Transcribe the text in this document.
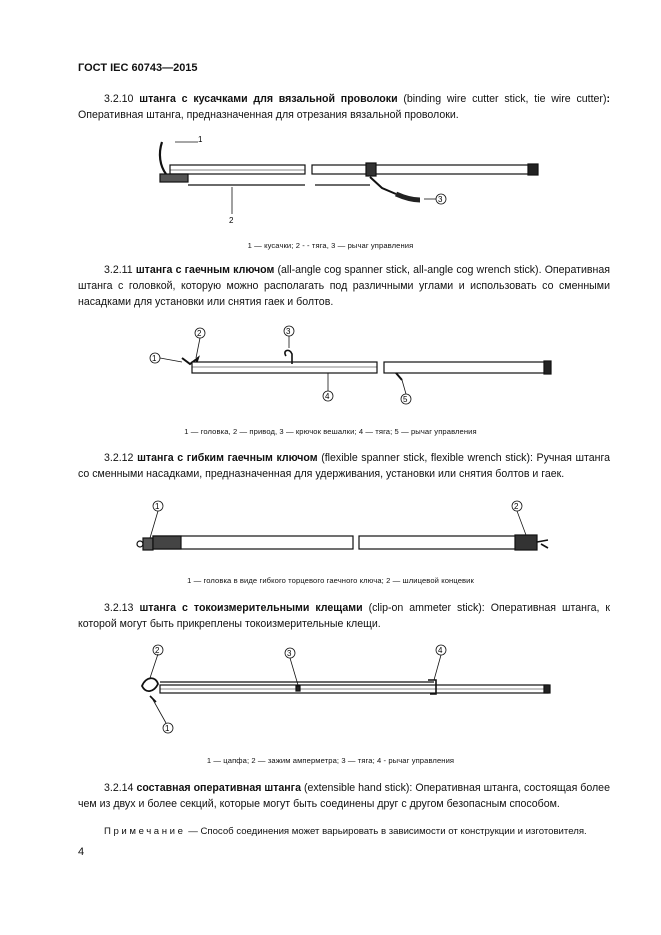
ГОСТ IEC 60743—2015
3.2.10 штанга с кусачками для вязальной проволоки (binding wire cutter stick, tie wire cutter): Оперативная штанга, предназначенная для отрезания вязальной проволоки.
1
2
3
1 — кусачки; 2 - - тяга, 3 — рычаг управления
3.2.11 штанга с гаечным ключом (all-angle cog spanner stick, all-angle cog wrench stick). Оперативная штанга с головкой, которую можно располагать под различными углами и использовать со сменными насадками для установки или снятия гаек и болтов.
1
2	3
4	5
1 — головка, 2 — привод, 3 — крючок вешалки; 4 — тяга; 5 — рычаг управления
3.2.12 штанга с гибким гаечным ключом (flexible spanner stick, flexible wrench stick): Ручная штанга со сменными насадками, предназначенная для удерживания, установки или снятия болтов и гаек.
1	2
1 — головка в виде гибкого торцевого гаечного ключа; 2 — шлицевой концевик
3.2.13 штанга с токоизмерительными клещами (clip-on ammeter stick): Оперативная штанга, к которой могут быть прикреплены токоизмерительные клещи.
2	3	4
1
1 — цапфа; 2 — зажим амперметра; 3 — тяга; 4 - рычаг управления
3.2.14 составная оперативная штанга (extensible hand stick): Оперативная штанга, состоящая более чем из двух и более секций, которые могут быть соединены друг с другом безопасным способом.
Примечание — Способ соединения может варьировать в зависимости от конструкции и изготовителя.
4
